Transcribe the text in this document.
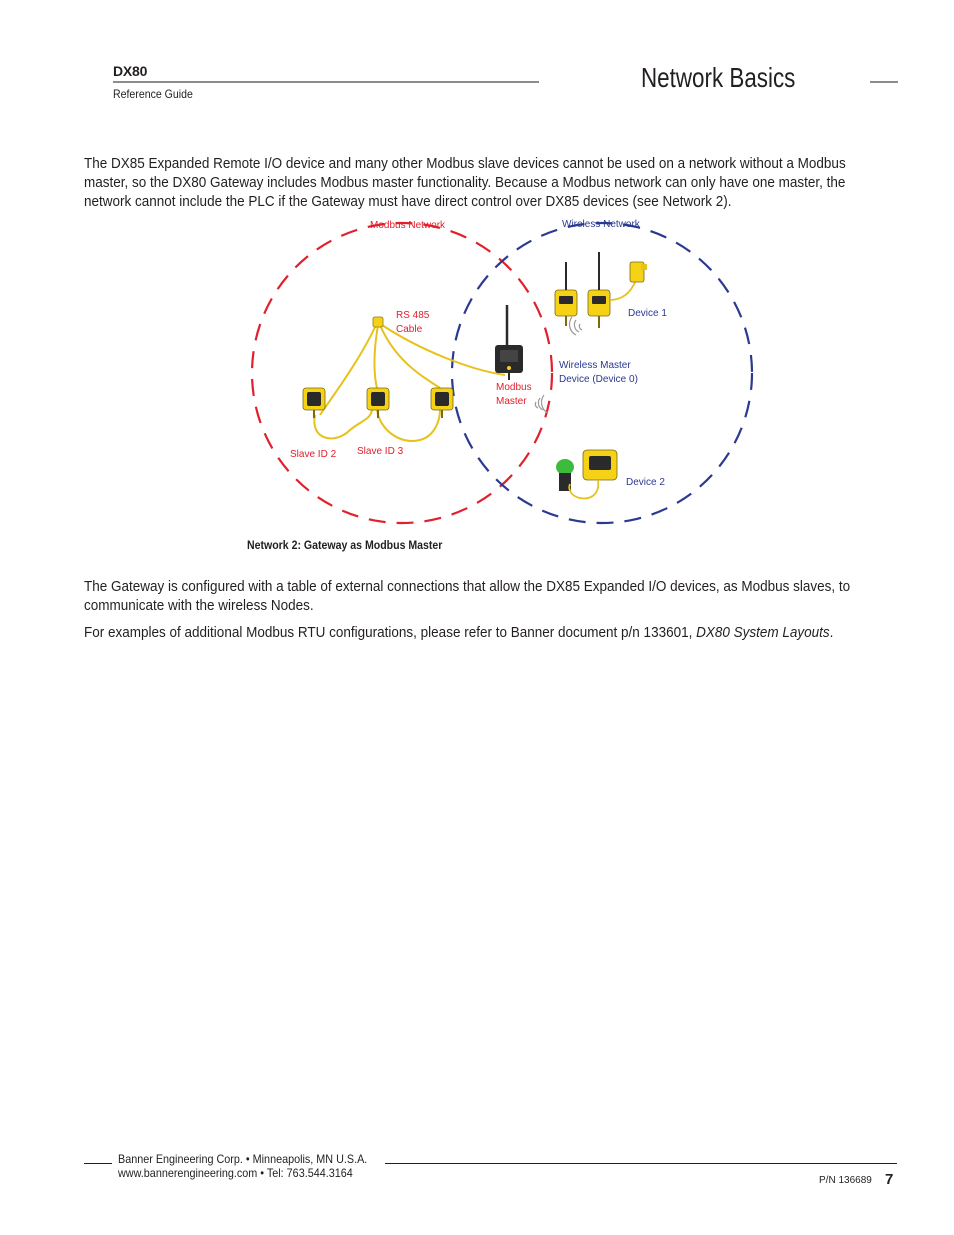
DX80
Reference Guide
Network Basics

The DX85 Expanded Remote I/O device and many other Modbus slave devices cannot be used on a network without a Modbus master, so the DX80 Gateway includes Modbus master functionality. Because a Modbus network can only have one master, the network cannot include the PLC if the Gateway must have direct control over DX85 devices (see Network 2).

Modbus Network	Wireless Network
RS 485
Cable
Modbus
Master
Wireless Master
Device (Device 0)
Device 1
Device 2
Slave ID 2 Slave ID 3
Network 2: Gateway as Modbus Master

The Gateway is configured with a table of external connections that allow the DX85 Expanded I/O devices, as Modbus slaves, to communicate with the wireless Nodes.

For examples of additional Modbus RTU configurations, please refer to Banner document p/n 133601, DX80 System Layouts.

Banner Engineering Corp. • Minneapolis, MN U.S.A.
www.bannerengineering.com • Tel: 763.544.3164
P/N 136689 7
